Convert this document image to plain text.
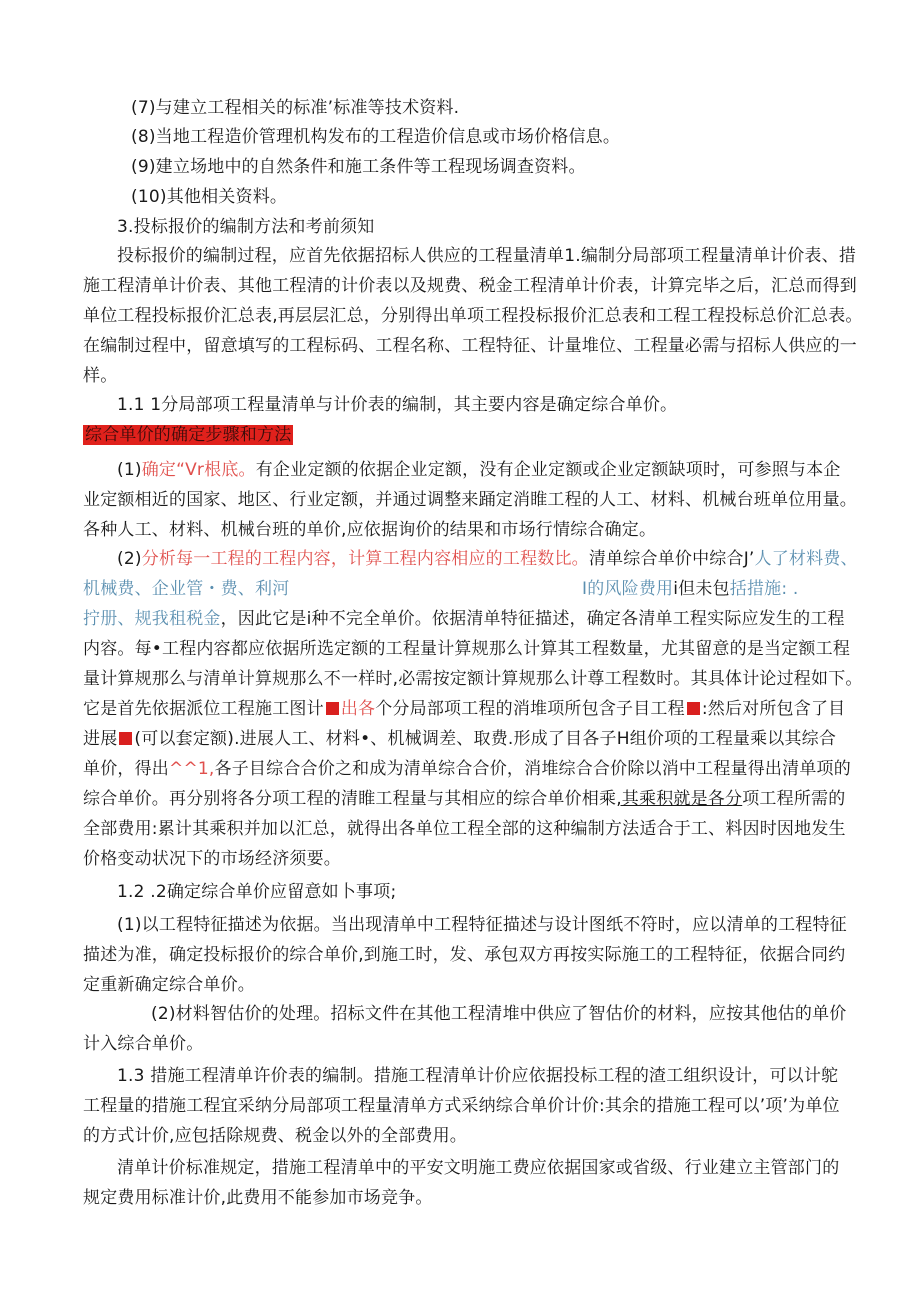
(7)与建立工程相关的标准’标准等技术资料.
(8)当地工程造价管理机构发布的工程造价信息或市场价格信息。
(9)建立场地中的自然条件和施工条件等工程现场调查资料。
(10)其他相关资料。
3.投标报价的编制方法和考前须知
投标报价的编制过程，应首先依据招标人供应的工程量清单1.编制分局部项工程量清单计价表、措
施工程清单计价表、其他工程清的计价表以及规费、税金工程清单计价表，计算完毕之后，汇总而得到
单位工程投标报价汇总表,再层层汇总，分别得出单项工程投标报价汇总表和工程工程投标总价汇总表。
在编制过程中，留意填写的工程标码、工程名称、工程特征、计量堆位、工程量必需与招标人供应的一
样。
1.1 1分局部项工程量清单与计价表的编制，其主要内容是确定综合单价。
综合单价的确定步骤和方法
(1)确定“Vr根底。有企业定额的依据企业定额，没有企业定额或企业定额缺项时，可参照与本企
业定额相近的国家、地区、行业定额，并通过调整来踊定消睢工程的人工、材料、机械台班单位用量。
各种人工、材料、机械台班的单价,应依据询价的结果和市场行情综合确定。
(2)分析每一工程的工程内容，计算工程内容相应的工程数比。清单综合单价中综合J’人了材料费、
机械费、企业管・费、利河	I的风险费用i但未包括措施: .
拧册、规我租税金，因此它是i种不完全单价。依据清单特征描述，确定各清单工程实际应发生的工程
内容。每•工程内容都应依据所选定额的工程量计算规那么计算其工程数量，尤其留意的是当定额工程
量计算规那么与清单计算规那么不一样时,必需按定额计算规那么计尊工程数时。其具体计论过程如下。
它是首先依据派位工程施工图计 出各个分局部项工程的消堆项所包含子目工程 :然后对所包含了目
进展 (可以套定额).进展人工、材料•、机械调差、取费.形成了目各子H组价项的工程量乘以其综合
单价，得出^^1,各子目综合合价之和成为清单综合合价，消堆综合合价除以消中工程量得出清单项的
综合单价。再分别将各分项工程的清睢工程量与其相应的综合单价相乘,其乘积就是各分项工程所需的
全部费用:累计其乘积并加以汇总，就得出各单位工程全部的这种编制方法适合于工、料因时因地发生
价格变动状况下的市场经济须要。
1.2 .2确定综合单价应留意如卜事项;
(1)以工程特征描述为依据。当出现清单中工程特征描述与设计图纸不符时，应以清单的工程特征
描述为准，确定投标报价的综合单价,到施工时，发、承包双方再按实际施工的工程特征，依据合同约
定重新确定综合单价。
(2)材料智估价的处理。招标文件在其他工程清堆中供应了智估价的材料，应按其他估的单价
计入综合单价。
1.3 措施工程清单许价表的编制。措施工程清单计价应依据投标工程的渣工组织设计，可以计鸵
工程量的措施工程宜采纳分局部项工程量清单方式采纳综合单价计价:其余的措施工程可以’项’为单位
的方式计价,应包括除规费、税金以外的全部费用。
清单计价标准规定，措施工程清单中的平安文明施工费应依据国家或省级、行业建立主管部门的
规定费用标准计价,此费用不能参加市场竞争。
